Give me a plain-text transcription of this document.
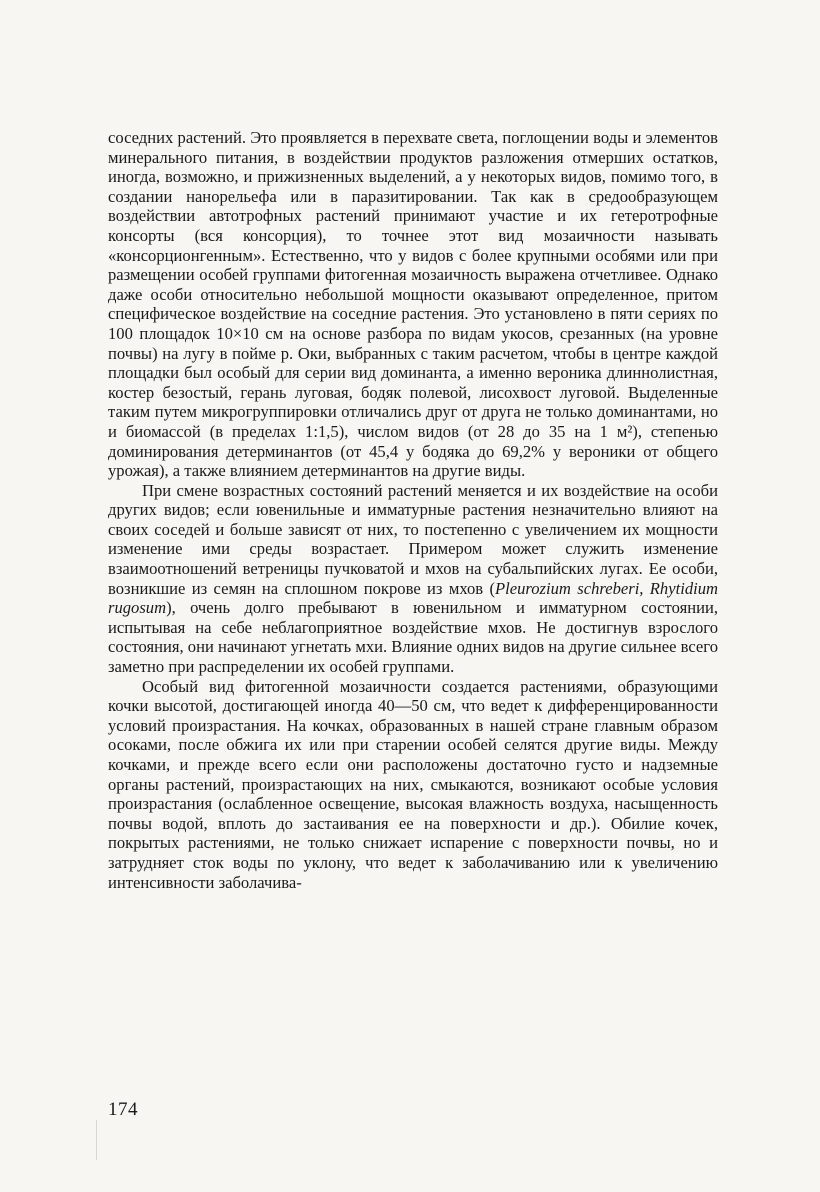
соседних растений. Это проявляется в перехвате света, поглощении воды и элементов минерального питания, в воздействии продуктов разложения отмерших остатков, иногда, возможно, и прижизненных выделений, а у некоторых видов, помимо того, в создании нанорельефа или в паразитировании. Так как в средообразующем воздействии автотрофных растений принимают участие и их гетеротрофные консорты (вся консорция), то точнее этот вид мозаичности называть «консорционгенным». Естественно, что у видов с более крупными особями или при размещении особей группами фитогенная мозаичность выражена отчетливее. Однако даже особи относительно небольшой мощности оказывают определенное, притом специфическое воздействие на соседние растения. Это установлено в пяти сериях по 100 площадок 10×10 см на основе разбора по видам укосов, срезанных (на уровне почвы) на лугу в пойме р. Оки, выбранных с таким расчетом, чтобы в центре каждой площадки был особый для серии вид доминанта, а именно вероника длиннолистная, костер безостый, герань луговая, бодяк полевой, лисохвост луговой. Выделенные таким путем микрогруппировки отличались друг от друга не только доминантами, но и биомассой (в пределах 1:1,5), числом видов (от 28 до 35 на 1 м²), степенью доминирования детерминантов (от 45,4 у бодяка до 69,2% у вероники от общего урожая), а также влиянием детерминантов на другие виды.

При смене возрастных состояний растений меняется и их воздействие на особи других видов; если ювенильные и имматурные растения незначительно влияют на своих соседей и больше зависят от них, то постепенно с увеличением их мощности изменение ими среды возрастает. Примером может служить изменение взаимоотношений ветреницы пучковатой и мхов на субальпийских лугах. Ее особи, возникшие из семян на сплошном покрове из мхов (Pleurozium schreberi, Rhytidium rugosum), очень долго пребывают в ювенильном и имматурном состоянии, испытывая на себе неблагоприятное воздействие мхов. Не достигнув взрослого состояния, они начинают угнетать мхи. Влияние одних видов на другие сильнее всего заметно при распределении их особей группами.

Особый вид фитогенной мозаичности создается растениями, образующими кочки высотой, достигающей иногда 40—50 см, что ведет к дифференцированности условий произрастания. На кочках, образованных в нашей стране главным образом осоками, после обжига их или при старении особей селятся другие виды. Между кочками, и прежде всего если они расположены достаточно густо и надземные органы растений, произрастающих на них, смыкаются, возникают особые условия произрастания (ослабленное освещение, высокая влажность воздуха, насыщенность почвы водой, вплоть до застаивания ее на поверхности и др.). Обилие кочек, покрытых растениями, не только снижает испарение с поверхности почвы, но и затрудняет сток воды по уклону, что ведет к заболачиванию или к увеличению интенсивности заболачива-

174
